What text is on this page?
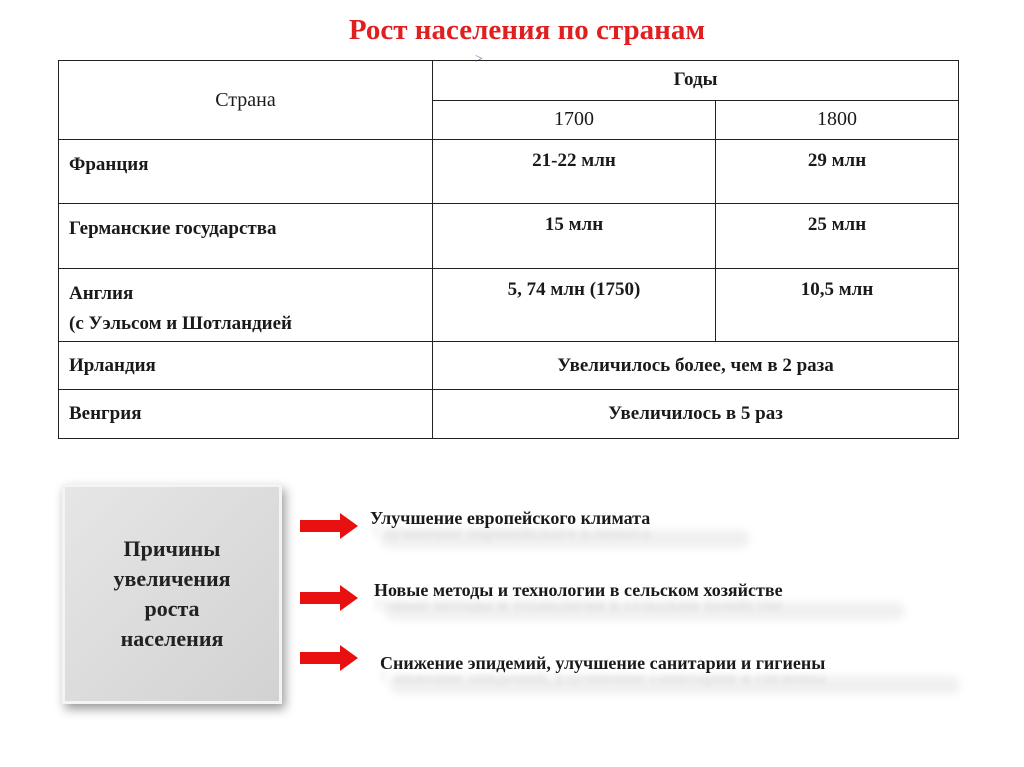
Рост населения по странам
˃
Страна	Годы	
	1700	1800
Франция	21-22 млн	29 млн
Германские государства	15 млн	25 млн

Англия
(с Уэльсом и Шотландией	5, 74 млн (1750)	10,5 млн
Ирландия	Увеличилось более, чем в 2 раза	
Венгрия	Увеличилось в 5 раз	
Причины
увеличения
роста
населения
Улучшение европейского климата
Новые методы и технологии в сельском хозяйстве
Снижение эпидемий, улучшение санитарии и гигиены
